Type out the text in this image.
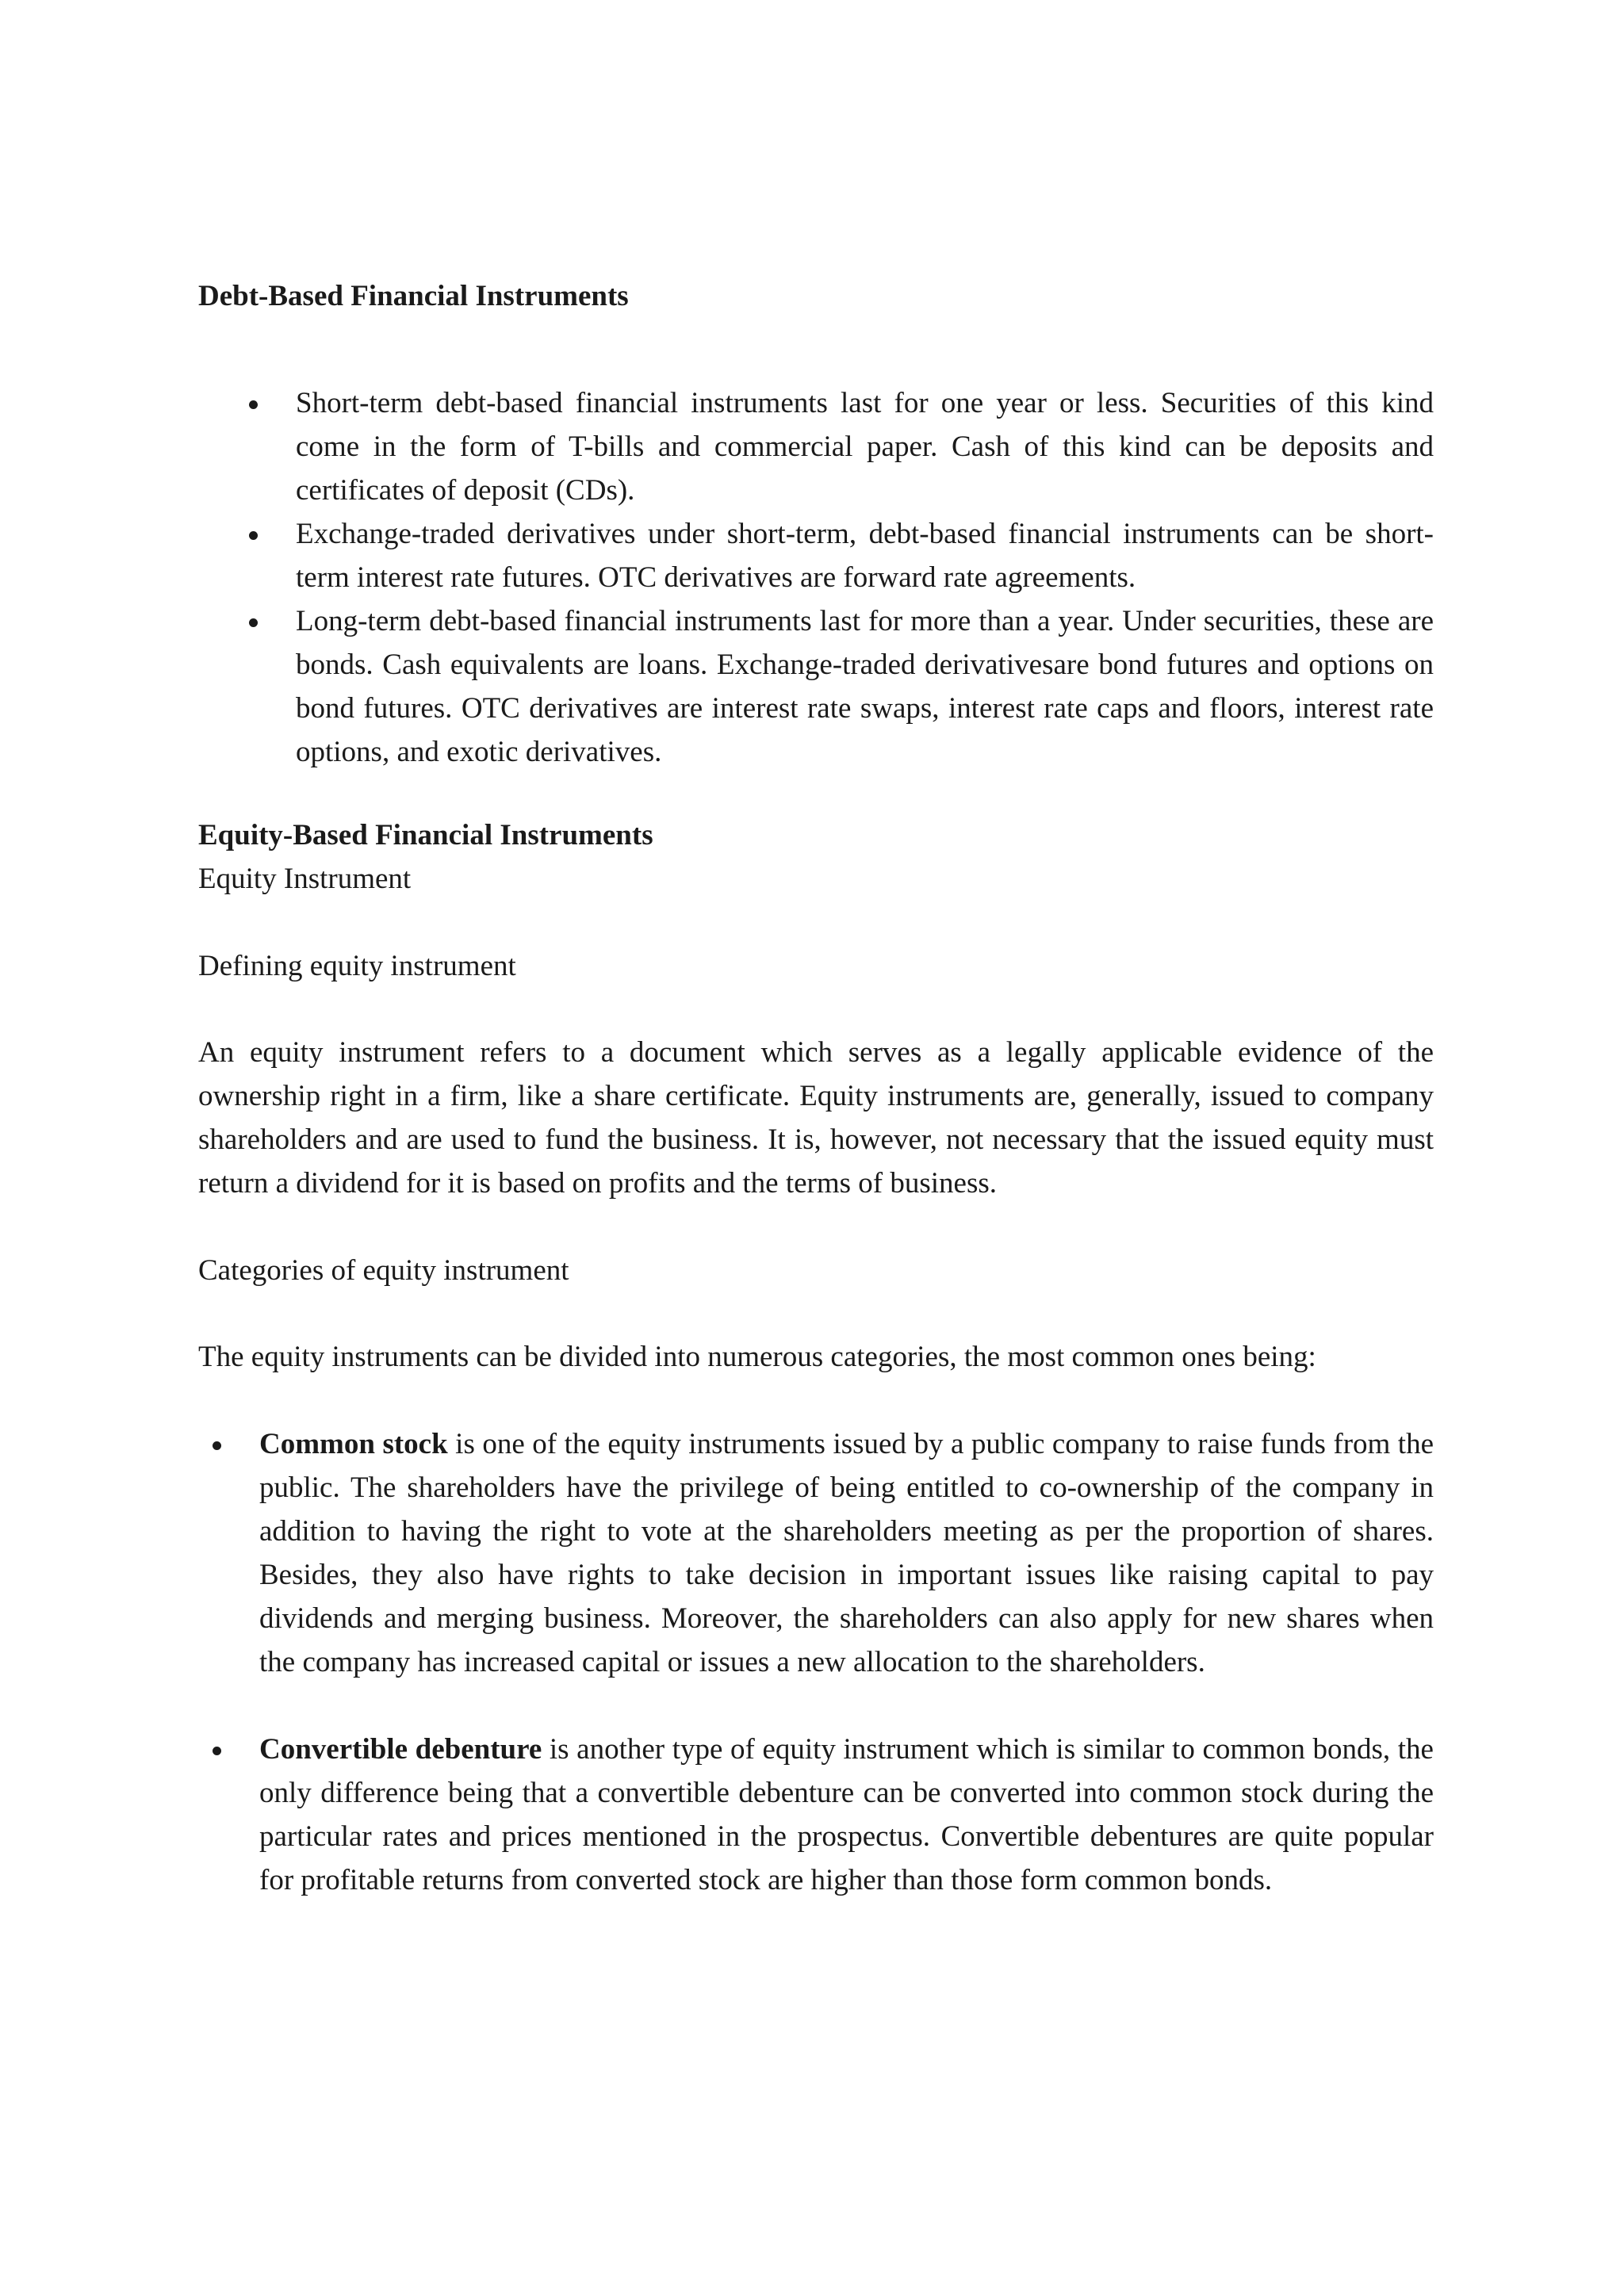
Debt-Based Financial Instruments

Short-term debt-based financial instruments last for one year or less. Securities of this kind come in the form of T-bills and commercial paper. Cash of this kind can be deposits and certificates of deposit (CDs).
Exchange-traded derivatives under short-term, debt-based financial instruments can be short-term interest rate futures. OTC derivatives are forward rate agreements.
Long-term debt-based financial instruments last for more than a year. Under securities, these are bonds. Cash equivalents are loans. Exchange-traded derivativesare bond futures and options on bond futures. OTC derivatives are interest rate swaps, interest rate caps and floors, interest rate options, and exotic derivatives.

Equity-Based Financial Instruments

Equity Instrument

Defining equity instrument

An equity instrument refers to a document which serves as a legally applicable evidence of the ownership right in a firm, like a share certificate. Equity instruments are, generally, issued to company shareholders and are used to fund the business. It is, however, not necessary that the issued equity must return a dividend for it is based on profits and the terms of business.

Categories of equity instrument

The equity instruments can be divided into numerous categories, the most common ones being:

Common stock is one of the equity instruments issued by a public company to raise funds from the public. The shareholders have the privilege of being entitled to co-ownership of the company in addition to having the right to vote at the shareholders meeting as per the proportion of shares. Besides, they also have rights to take decision in important issues like raising capital to pay dividends and merging business. Moreover, the shareholders can also apply for new shares when the company has increased capital or issues a new allocation to the shareholders.
Convertible debenture is another type of equity instrument which is similar to common bonds, the only difference being that a convertible debenture can be converted into common stock during the particular rates and prices mentioned in the prospectus. Convertible debentures are quite popular for profitable returns from converted stock are higher than those form common bonds.
